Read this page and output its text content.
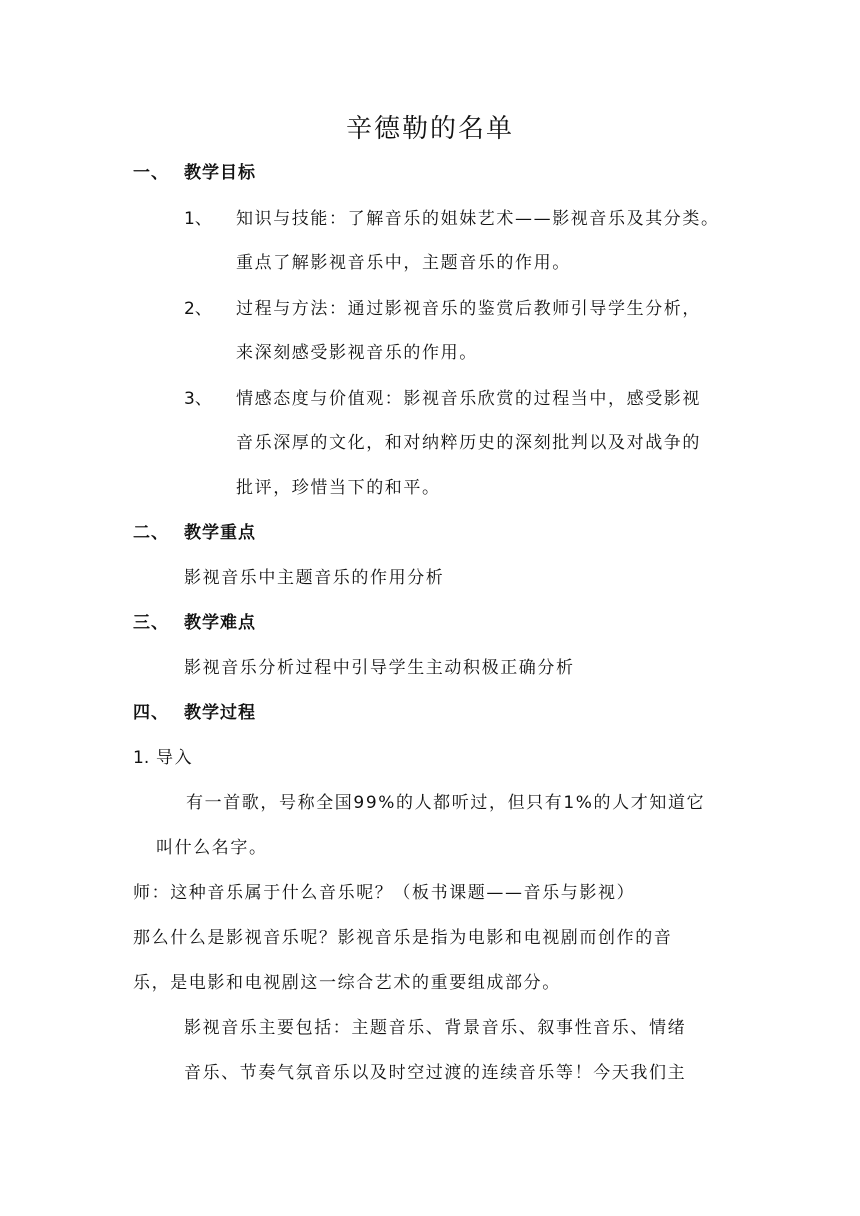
辛德勒的名单
一、 教学目标
1、 知识与技能：了解音乐的姐妹艺术——影视音乐及其分类。
重点了解影视音乐中，主题音乐的作用。
2、 过程与方法：通过影视音乐的鉴赏后教师引导学生分析，
来深刻感受影视音乐的作用。
3、 情感态度与价值观：影视音乐欣赏的过程当中，感受影视
音乐深厚的文化，和对纳粹历史的深刻批判以及对战争的
批评，珍惜当下的和平。
二、 教学重点
影视音乐中主题音乐的作用分析
三、 教学难点
影视音乐分析过程中引导学生主动积极正确分析
四、 教学过程
1. 导入
有一首歌，号称全国99%的人都听过，但只有1%的人才知道它
叫什么名字。
师：这种音乐属于什么音乐呢？（板书课题——音乐与影视）
那么什么是影视音乐呢？影视音乐是指为电影和电视剧而创作的音
乐，是电影和电视剧这一综合艺术的重要组成部分。
影视音乐主要包括：主题音乐、背景音乐、叙事性音乐、情绪
音乐、节奏气氛音乐以及时空过渡的连续音乐等！今天我们主
